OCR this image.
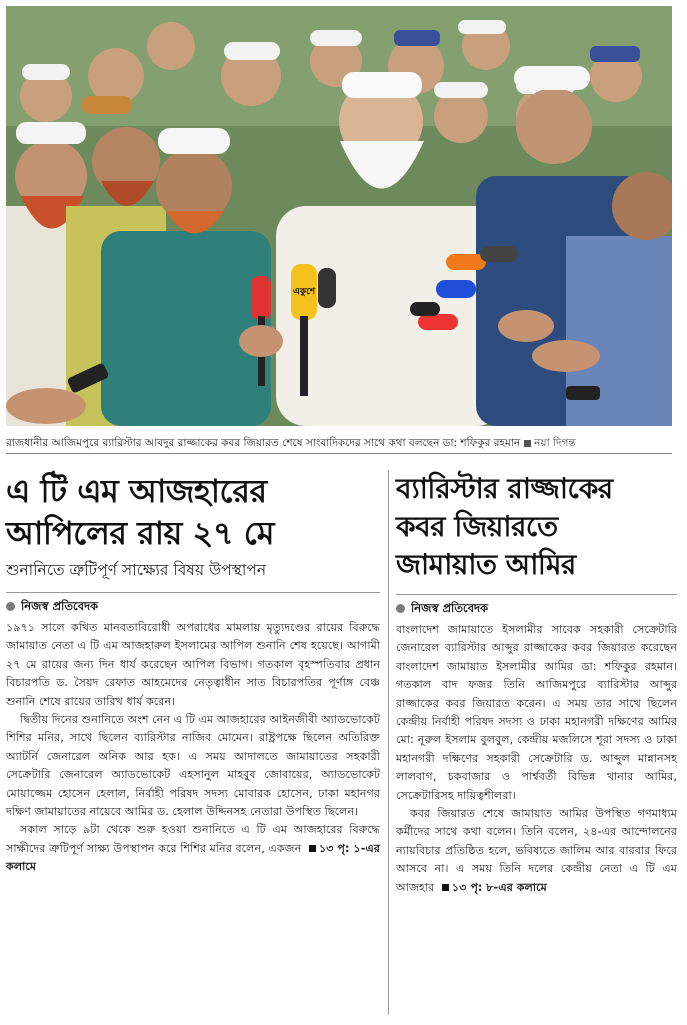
একুশে
রাজধানীর আজিমপুরে ব্যারিস্টার আবদুর রাজ্জাকের কবর জিয়ারত শেষে সাংবাদিকদের সাথে কথা বলছেন ডা: শফিকুর রহমান নয়া দিগন্ত
এ টি এম আজহারের
আপিলের রায় ২৭ মে
শুনানিতে ত্রুটিপূর্ণ সাক্ষ্যের বিষয় উপস্থাপন
নিজস্ব প্রতিবেদক

১৯৭১ সালে কথিত মানবতাবিরোধী অপরাধের মামলায় মৃত্যুদণ্ডের রায়ের বিরুদ্ধে জামায়াত নেতা এ টি এম আজহারুল ইসলামের আপিল শুনানি শেষ হয়েছে। আগামী ২৭ মে রায়ের জন্য দিন ধার্য করেছেন আপিল বিভাগ। গতকাল বৃহস্পতিবার প্রধান বিচারপতি ড. সৈয়দ রেফাত আহমেদের নেতৃত্বাধীন সাত বিচারপতির পূর্ণাঙ্গ বেঞ্চ শুনানি শেষে রায়ের তারিখ ধার্য করেন।

দ্বিতীয় দিনের শুনানিতে অংশ নেন এ টি এম আজহারের আইনজীবী অ্যাডভোকেট শিশির মনির, সাথে ছিলেন ব্যারিস্টার নাজিব মোমেন। রাষ্ট্রপক্ষে ছিলেন অতিরিক্ত অ্যাটর্নি জেনারেল অনিক আর হক। এ সময় আদালতে জামায়াতের সহকারী সেক্রেটারি জেনারেল অ্যাডভোকেট এহসানুল মাহবুব জোবায়ের, অ্যাডভোকেট মোয়াজ্জেম হোসেন হেলাল, নির্বাহী পরিষদ সদস্য মোবারক হোসেন, ঢাকা মহানগর দক্ষিণ জামায়াতের নায়েবে আমির ড. হেলাল উদ্দিনসহ নেতারা উপস্থিত ছিলেন।

সকাল সাড়ে ৯টা থেকে শুরু হওয়া শুনানিতে এ টি এম আজহারের বিরুদ্ধে সাক্ষীদের ত্রুটিপূর্ণ সাক্ষ্য উপস্থাপন করে শিশির মনির বলেন, একজন ১৩ পৃ: ১-এর কলামে

ব্যারিস্টার রাজ্জাকের
কবর জিয়ারতে
জামায়াত আমির
নিজস্ব প্রতিবেদক

বাংলাদেশ জামায়াতে ইসলামীর সাবেক সহকারী সেক্রেটারি জেনারেল ব্যারিস্টার আব্দুর রাজ্জাকের কবর জিয়ারত করেছেন বাংলাদেশ জামায়াত ইসলামীর আমির ডা: শফিকুর রহমান। গতকাল বাদ ফজর তিনি আজিমপুরে ব্যারিস্টার আব্দুর রাজ্জাকের কবর জিয়ারত করেন। এ সময় তার সাথে ছিলেন কেন্দ্রীয় নির্বাহী পরিষদ সদস্য ও ঢাকা মহানগরী দক্ষিণের আমির মো: নূরুল ইসলাম বুলবুল, কেন্দ্রীয় মজলিসে শূরা সদস্য ও ঢাকা মহানগরী দক্ষিণের সহকারী সেক্রেটারি ড. আব্দুল মান্নানসহ লালবাগ, চকবাজার ও পার্শ্ববর্তী বিভিন্ন থানার আমির, সেক্রেটারিসহ দায়িত্বশীলরা।

কবর জিয়ারত শেষে জামায়াত আমির উপস্থিত গণমাধ্যম কর্মীদের সাথে কথা বলেন। তিনি বলেন, ২৪-এর আন্দোলনের ন্যায়বিচার প্রতিষ্ঠিত হলে, ভবিষ্যতে জালিম আর বারবার ফিরে আসবে না। এ সময় তিনি দলের কেন্দ্রীয় নেতা এ টি এম আজহার ১৩ পৃ: ৮-এর কলামে
